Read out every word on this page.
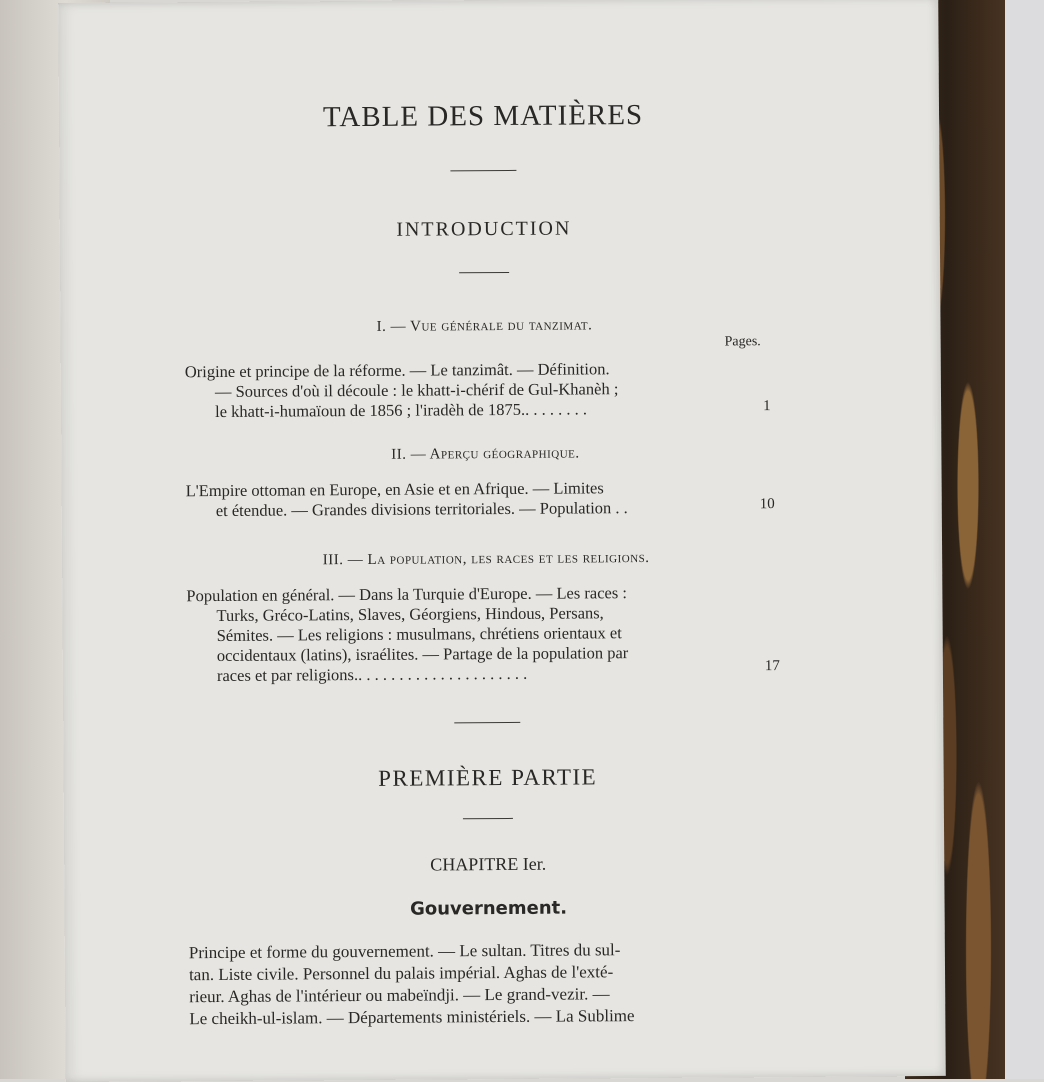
TABLE DES MATIÈRES
INTRODUCTION
I. — Vue générale du tanzimat.
Pages.
Origine et principe de la réforme. — Le tanzimât. — Définition.
— Sources d'où il découle : le khatt-i-chérif de Gul-Khanèh ;
le khatt-i-humaïoun de 1856 ; l'iradèh de 1875.. . . . . . . .	1
II. — Aperçu géographique.
L'Empire ottoman en Europe, en Asie et en Afrique. — Limites
et étendue. — Grandes divisions territoriales. — Population . .	10
III. — La population, les races et les religions.
Population en général. — Dans la Turquie d'Europe. — Les races :
Turks, Gréco-Latins, Slaves, Géorgiens, Hindous, Persans,
Sémites. — Les religions : musulmans, chrétiens orientaux et
occidentaux (latins), israélites. — Partage de la population par
races et par religions.. . . . . . . . . . . . . . . . . . . . .	17
PREMIÈRE PARTIE
CHAPITRE Ier.
Gouvernement.
Principe et forme du gouvernement. — Le sultan. Titres du sul-
tan. Liste civile. Personnel du palais impérial. Aghas de l'exté-
rieur. Aghas de l'intérieur ou mabeïndji. — Le grand-vezir. —
Le cheikh-ul-islam. — Départements ministériels. — La Sublime
